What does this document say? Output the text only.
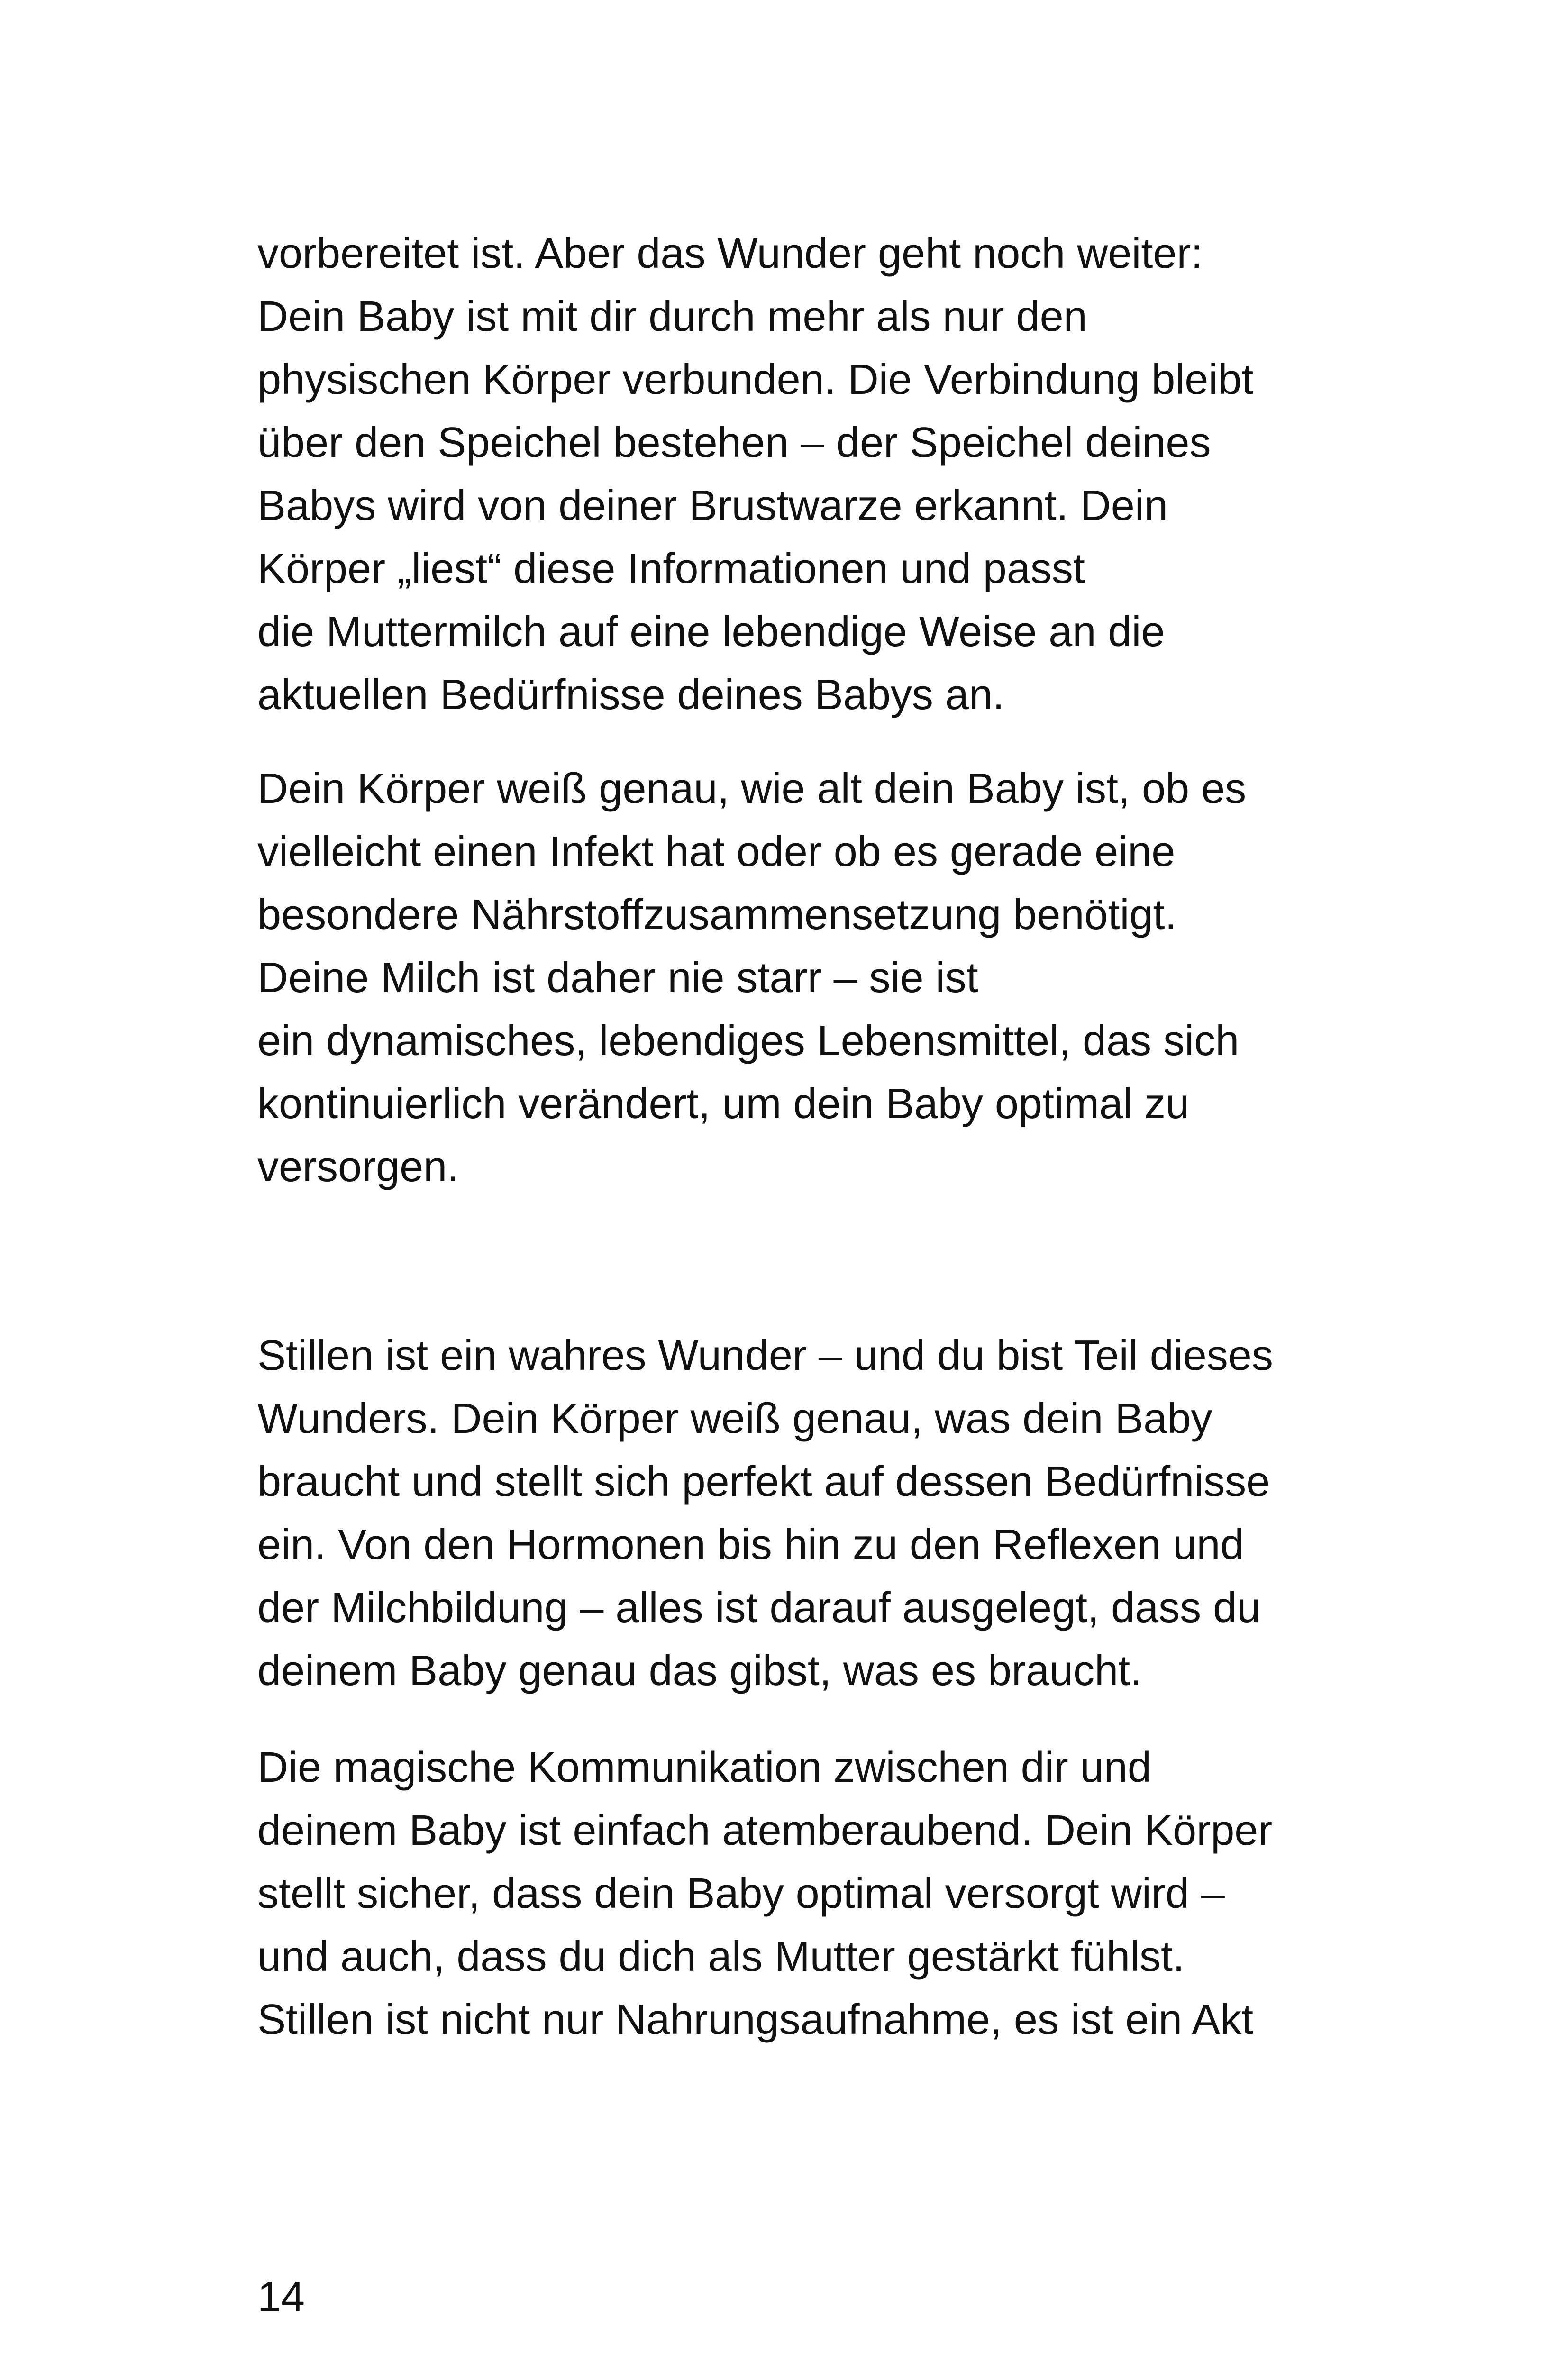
vorbereitet ist. Aber das Wunder geht noch weiter:
Dein Baby ist mit dir durch mehr als nur den
physischen Körper verbunden. Die Verbindung bleibt
über den Speichel bestehen – der Speichel deines
Babys wird von deiner Brustwarze erkannt. Dein
Körper „liest“ diese Informationen und passt
die Muttermilch auf eine lebendige Weise an die
aktuellen Bedürfnisse deines Babys an.
Dein Körper weiß genau, wie alt dein Baby ist, ob es
vielleicht einen Infekt hat oder ob es gerade eine
besondere Nährstoffzusammensetzung benötigt.
Deine Milch ist daher nie starr – sie ist
ein dynamisches, lebendiges Lebensmittel, das sich
kontinuierlich verändert, um dein Baby optimal zu
versorgen.
Stillen ist ein wahres Wunder – und du bist Teil dieses
Wunders. Dein Körper weiß genau, was dein Baby
braucht und stellt sich perfekt auf dessen Bedürfnisse
ein. Von den Hormonen bis hin zu den Reflexen und
der Milchbildung – alles ist darauf ausgelegt, dass du
deinem Baby genau das gibst, was es braucht.
Die magische Kommunikation zwischen dir und
deinem Baby ist einfach atemberaubend. Dein Körper
stellt sicher, dass dein Baby optimal versorgt wird –
und auch, dass du dich als Mutter gestärkt fühlst.
Stillen ist nicht nur Nahrungsaufnahme, es ist ein Akt
14
